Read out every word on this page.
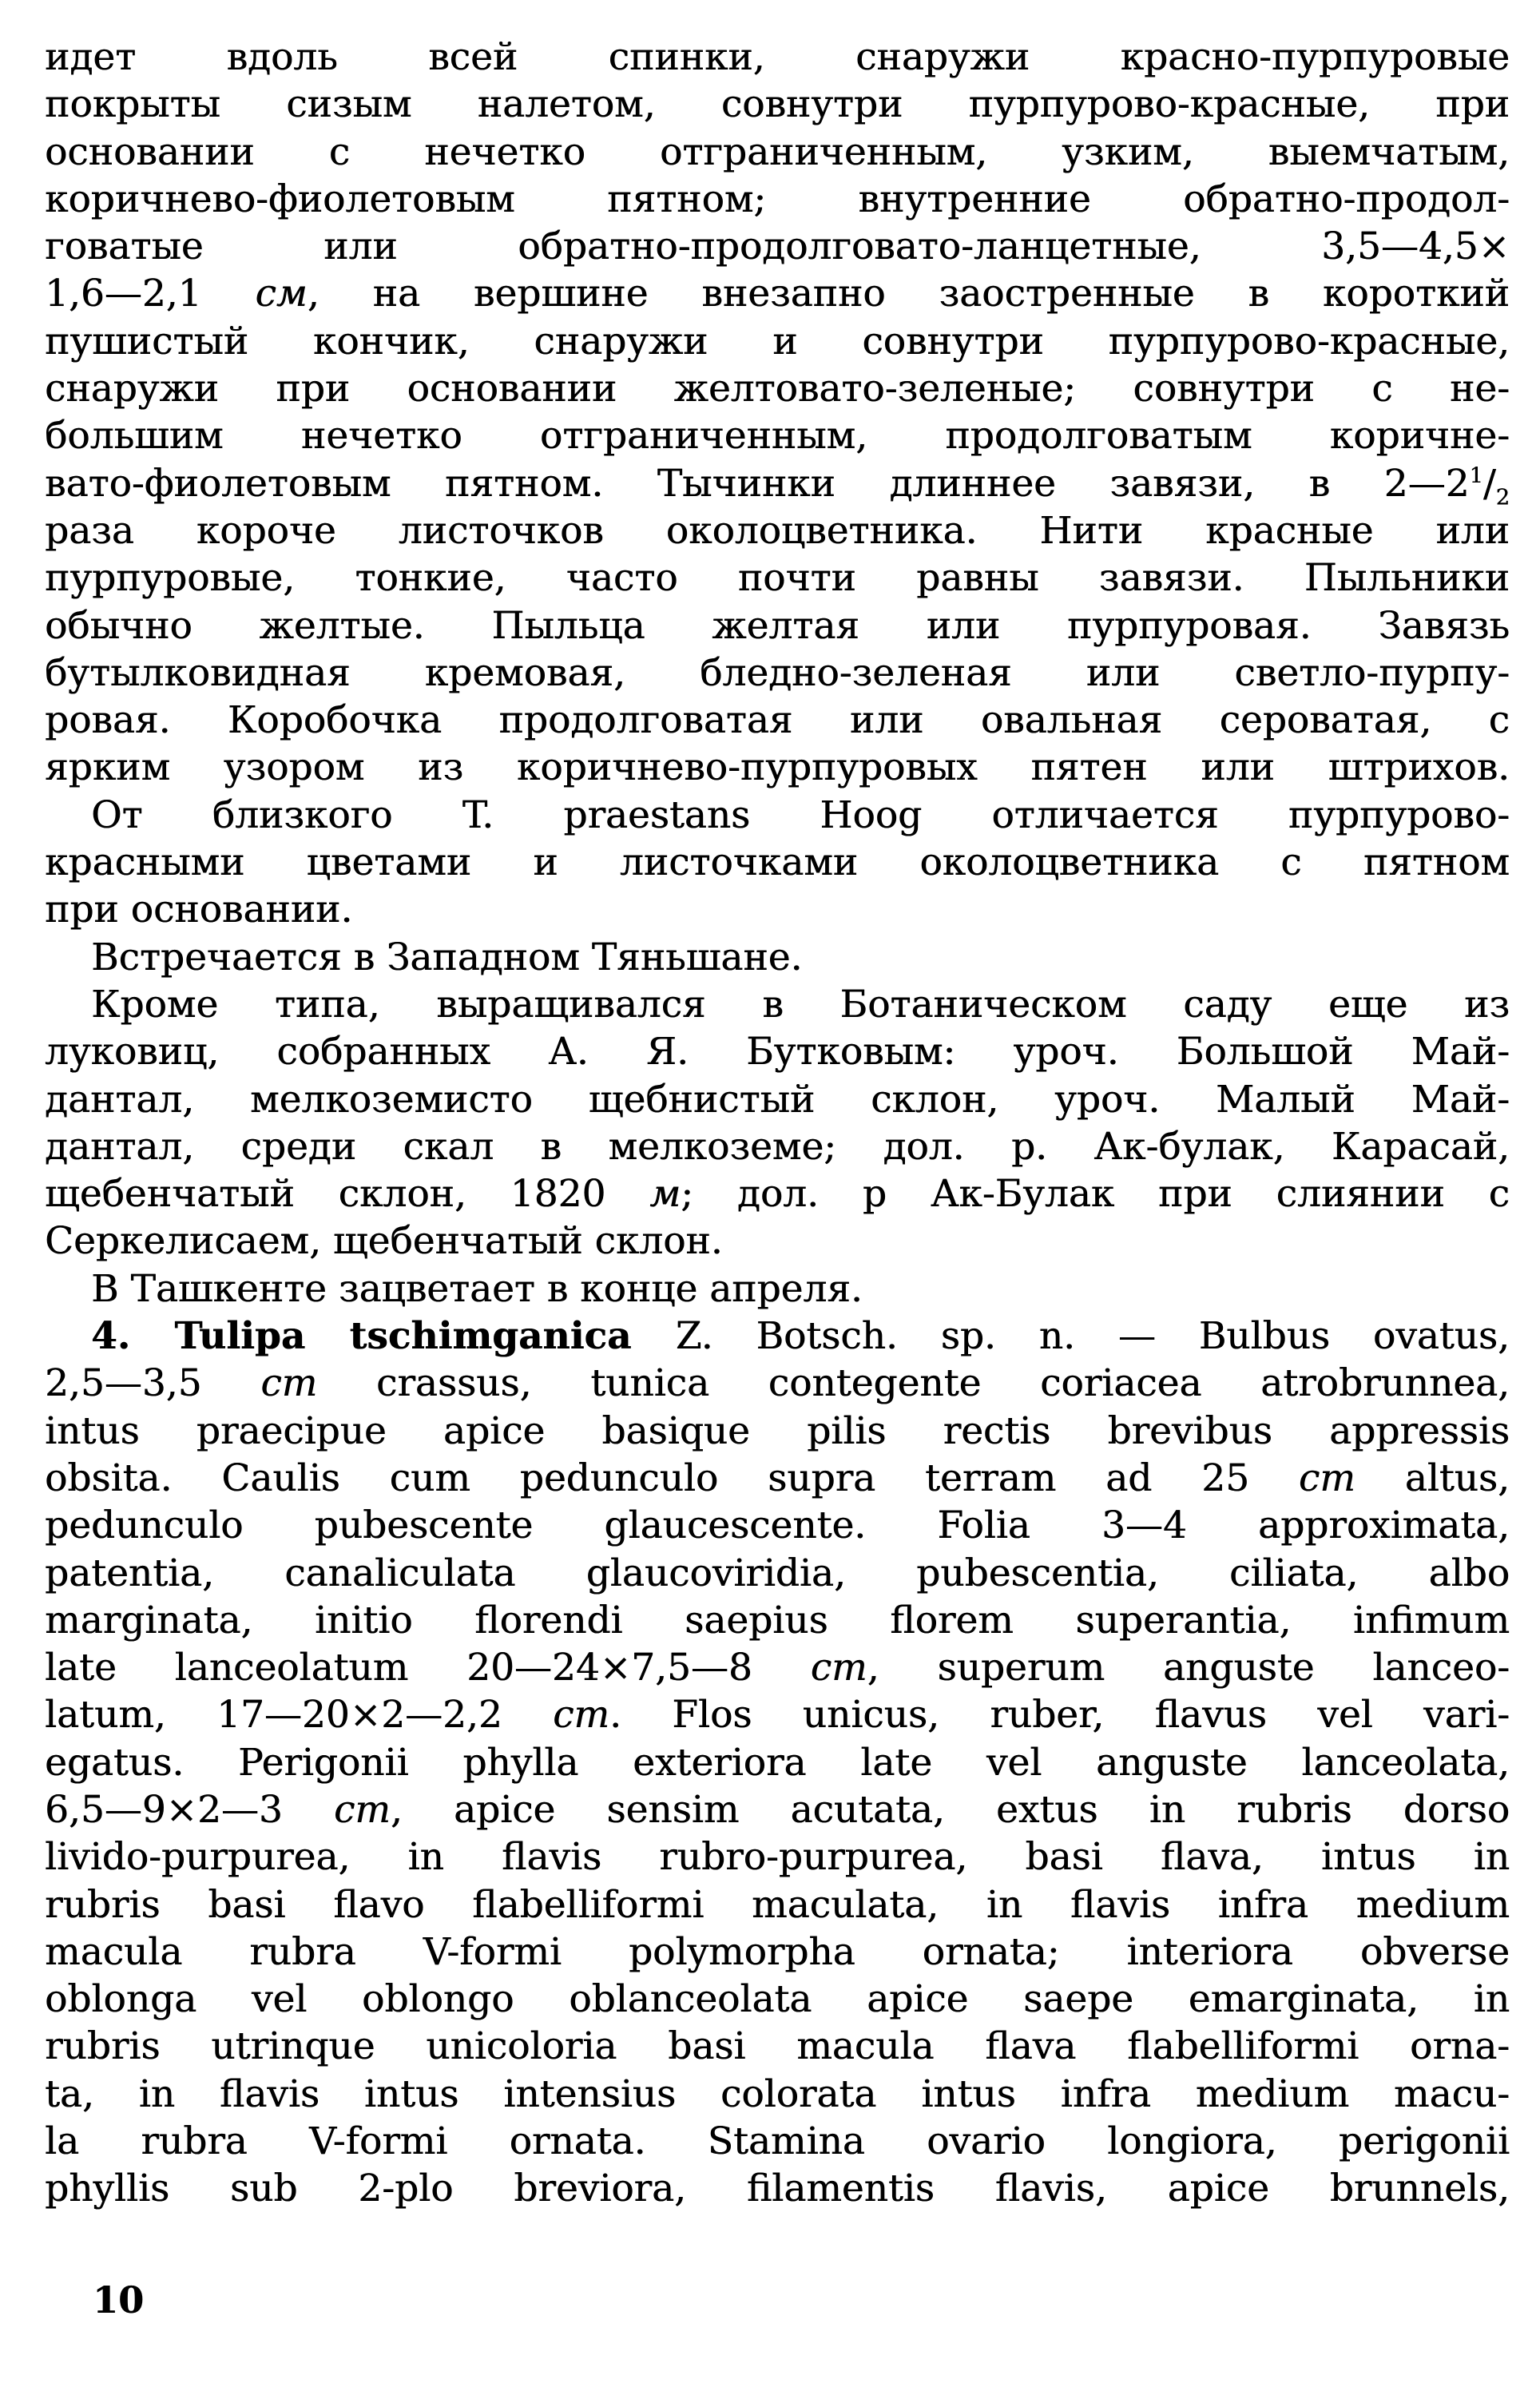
идет вдоль всей спинки, снаружи красно-пурпуровые
покрыты сизым налетом, совнутри пурпурово-красные, при
основании с нечетко отграниченным, узким, выемчатым,
коричнево-фиолетовым пятном; внутренние обратно-продол-
говатые или обратно-продолговато-ланцетные, 3,5—4,5×
1,6—2,1 см, на вершине внезапно заостренные в короткий
пушистый кончик, снаружи и совнутри пурпурово-красные,
снаружи при основании желтовато-зеленые; совнутри с не-
большим нечетко отграниченным, продолговатым коричне-
вато-фиолетовым пятном. Тычинки длиннее завязи, в $2—2^1/_2$
раза короче листочков околоцветника. Нити красные или
пурпуровые, тонкие, часто почти равны завязи. Пыльники
обычно желтые. Пыльца желтая или пурпуровая. Завязь
бутылковидная кремовая, бледно-зеленая или светло-пурпу-
ровая. Коробочка продолговатая или овальная сероватая, с
ярким узором из коричнево-пурпуровых пятен или штрихов.
От близкого T. praestans Hoog отличается пурпурово-
красными цветами и листочками околоцветника с пятном
при основании.
Встречается в Западном Тяньшане.
Кроме типа, выращивался в Ботаническом саду еще из
луковиц, собранных А. Я. Бутковым: уроч. Большой Май-
дантал, мелкоземисто щебнистый склон, уроч. Малый Май-
дантал, среди скал в мелкоземе; дол. р. Ак-булак, Карасай,
щебенчатый склон, 1820 м; дол. р Ак-Булак при слиянии с
Серкелисаем, щебенчатый склон.
В Ташкенте зацветает в конце апреля.
4. Tulipa tschimganica Z. Botsch. sp. n. — Bulbus ovatus,
2,5—3,5 cm crassus, tunica contegente coriacea atrobrunnea,
intus praecipue apice basique pilis rectis brevibus appressis
obsita. Caulis cum pedunculo supra terram ad 25 cm altus,
pedunculo pubescente glaucescente. Folia 3—4 approximata,
patentia, canaliculata glaucoviridia, pubescentia, ciliata, albo
marginata, initio florendi saepius florem superantia, infimum
late lanceolatum 20—24×7,5—8 cm, superum anguste lanceo-
latum, 17—20×2—2,2 cm. Flos unicus, ruber, flavus vel vari-
egatus. Perigonii phylla exteriora late vel anguste lanceolata,
6,5—9×2—3 cm, apice sensim acutata, extus in rubris dorso
livido-purpurea, in flavis rubro-purpurea, basi flava, intus in
rubris basi flavo flabelliformi maculata, in flavis infra medium
macula rubra V-formi polymorpha ornata; interiora obverse
oblonga vel oblongo oblanceolata apice saepe emarginata, in
rubris utrinque unicoloria basi macula flava flabelliformi orna-
ta, in flavis intus intensius colorata intus infra medium macu-
la rubra V-formi ornata. Stamina ovario longiora, perigonii
phyllis sub 2-plo breviora, filamentis flavis, apice brunnels,
10
